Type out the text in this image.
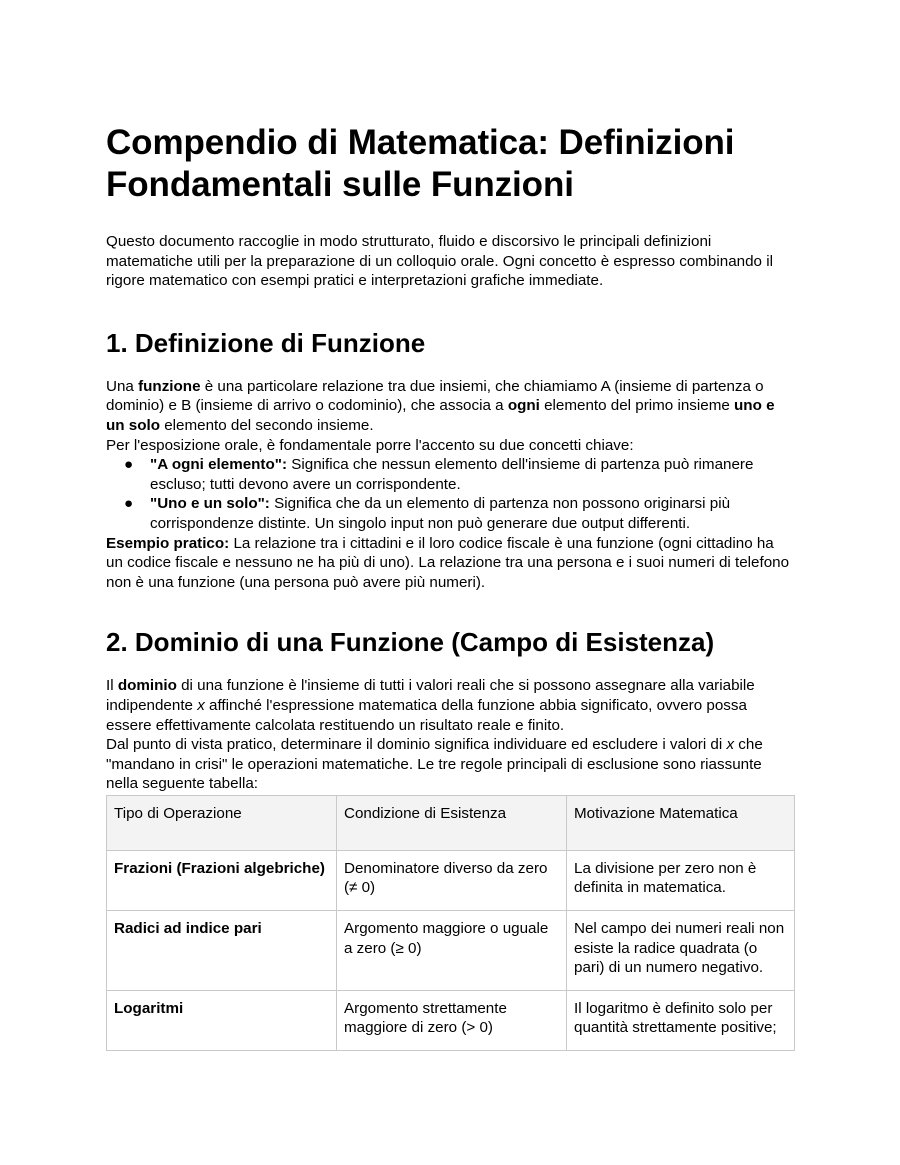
Compendio di Matematica: Definizioni Fondamentali sulle Funzioni

Questo documento raccoglie in modo strutturato, fluido e discorsivo le principali definizioni matematiche utili per la preparazione di un colloquio orale. Ogni concetto è espresso combinando il rigore matematico con esempi pratici e interpretazioni grafiche immediate.

1. Definizione di Funzione

Una funzione è una particolare relazione tra due insiemi, che chiamiamo A (insieme di partenza o dominio) e B (insieme di arrivo o codominio), che associa a ogni elemento del primo insieme uno e un solo elemento del secondo insieme.

Per l'esposizione orale, è fondamentale porre l'accento su due concetti chiave:

● "A ogni elemento": Significa che nessun elemento dell'insieme di partenza può rimanere escluso; tutti devono avere un corrispondente.
● "Uno e un solo": Significa che da un elemento di partenza non possono originarsi più corrispondenze distinte. Un singolo input non può generare due output differenti.

Esempio pratico: La relazione tra i cittadini e il loro codice fiscale è una funzione (ogni cittadino ha un codice fiscale e nessuno ne ha più di uno). La relazione tra una persona e i suoi numeri di telefono non è una funzione (una persona può avere più numeri).

2. Dominio di una Funzione (Campo di Esistenza)

Il dominio di una funzione è l'insieme di tutti i valori reali che si possono assegnare alla variabile indipendente x affinché l'espressione matematica della funzione abbia significato, ovvero possa essere effettivamente calcolata restituendo un risultato reale e finito.

Dal punto di vista pratico, determinare il dominio significa individuare ed escludere i valori di x che "mandano in crisi" le operazioni matematiche. Le tre regole principali di esclusione sono riassunte nella seguente tabella:

Tipo di Operazione	Condizione di Esistenza	Motivazione Matematica
Frazioni (Frazioni algebriche)	Denominatore diverso da zero (≠ 0)	La divisione per zero non è definita in matematica.
Radici ad indice pari	Argomento maggiore o uguale a zero (≥ 0)	Nel campo dei numeri reali non esiste la radice quadrata (o pari) di un numero negativo.
Logaritmi	Argomento strettamente maggiore di zero (> 0)	Il logaritmo è definito solo per quantità strettamente positive;
